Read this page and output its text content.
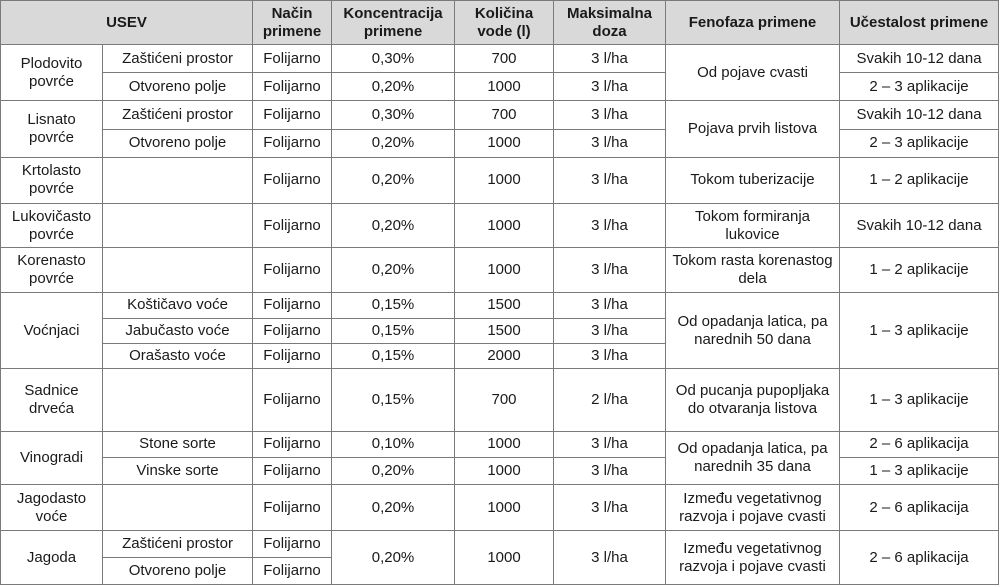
USEV		Način primene	Koncentracija primene	Količina vode (l)	Maksimalna doza	Fenofaza primene	Učestalost primene
Plodovito povrće	Zaštićeni prostor	Folijarno	0,30%	700	3 l/ha	Od pojave cvasti	Svakih 10-12 dana
	Otvoreno polje	Folijarno	0,20%	1000	3 l/ha		2 – 3 aplikacije
Lisnato povrće	Zaštićeni prostor	Folijarno	0,30%	700	3 l/ha	Pojava prvih listova	Svakih 10-12 dana
	Otvoreno polje	Folijarno	0,20%	1000	3 l/ha		2 – 3 aplikacije
Krtolasto povrće		Folijarno	0,20%	1000	3 l/ha	Tokom tuberizacije	1 – 2 aplikacije
Lukovičasto povrće		Folijarno	0,20%	1000	3 l/ha	Tokom formiranja lukovice	Svakih 10-12 dana
Korenasto povrće		Folijarno	0,20%	1000	3 l/ha	Tokom rasta korenastog dela	1 – 2 aplikacije
Voćnjaci	Koštičavo voće	Folijarno	0,15%	1500	3 l/ha	Od opadanja latica, pa narednih 50 dana	1 – 3 aplikacije
	Jabučasto voće	Folijarno	0,15%	1500	3 l/ha		
	Orašasto voće	Folijarno	0,15%	2000	3 l/ha		
Sadnice drveća		Folijarno	0,15%	700	2 l/ha	Od pucanja pupopljaka do otvaranja listova	1 – 3 aplikacije
Vinogradi	Stone sorte	Folijarno	0,10%	1000	3 l/ha	Od opadanja latica, pa narednih 35 dana	2 – 6 aplikacija
	Vinske sorte	Folijarno	0,20%	1000	3 l/ha		1 – 3 aplikacije
Jagodasto voće		Folijarno	0,20%	1000	3 l/ha	Između vegetativnog razvoja i pojave cvasti	2 – 6 aplikacija
Jagoda	Zaštićeni prostor	Folijarno	0,20%	1000	3 l/ha	Između vegetativnog razvoja i pojave cvasti	2 – 6 aplikacija
	Otvoreno polje	Folijarno					
